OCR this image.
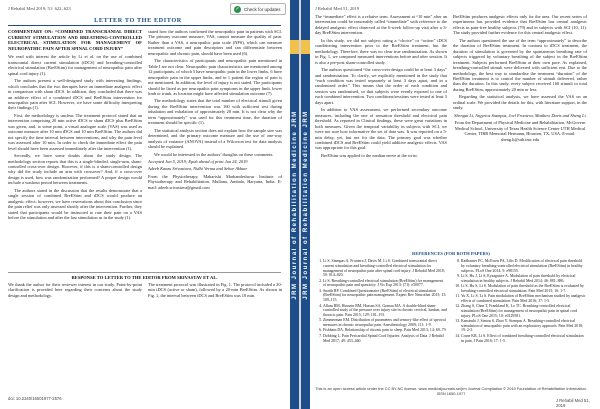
J Rehabil Med 2019; 51: 622–623	✓ Check for updates
LETTER TO THE EDITOR
COMMENTARY ON: “COMBINED TRANSCRANIAL DIRECT CURRENT STIMULATION AND BREATHING-CONTROLLED ELECTRICAL STIMULATION FOR MANAGEMENT OF NEUROPATHIC PAIN AFTER SPINAL CORD INJURY”

We read with interest the article by Li et al. on the use of combined transcranial direct current stimulation (tDCS) and breathing-controlled electrical stimulation (BreEStim) for management of neuropathic pain after spinal cord injury (1).

The authors present a well-designed study with interesting findings, which concludes that the two therapies have an immediate analgesic effect in comparison with sham tDCS. In addition, they concluded that there was an additive effect of a combined tDCS and BreEStim intervention for neuropathic pain after SCI. However, we have some difficulty interpreting their findings (1).

First, the methodology is unclear. The treatment protocol stated that an intervention comprising 20 min active tDCS or sham tDCS plus BreEStim was given, and, to some point, a visual analogue scale (VAS) was used as outcome measure after 10 min tDCS and 10 min BreEStim. The authors did not specify the time interval between interventions, and why the pain level was assessed after 10 min. In order to check the immediate effect the pain level should have been assessed immediately after the intervention (1).

Secondly, we have some doubts about the study design. The methodology section reports that this is a single-blinded, single-arm, sham-controlled cross-over design. However, if this is a sham-controlled design why did the study include an arm with crossover? And, if a cross-over design is used, how was randomization performed? A proper design would include a washout period between treatments.

The authors stated in the discussion that the results demonstrate that a single session of combined BreEStim and tDCS would produce an analgesic effect; however, we have reservations about this conclusion since the pain relief was only assessed shortly after the intervention. Further, they stated that participants would be instructed to rate their pain on a VAS before the stimulation and after the last stimulation as in the study (1).

stated how the authors confirmed the neuropathic pain in patients with SCI. The primary outcome measure, VAS, cannot measure the quality of pain. Rather than a VAS, a neuropathic pain scale (NPS), which can measure treatment outcome and pain descriptors and can differentiate between neuropathic and chronic pain, should have been used (6).

The characteristics of participants and neuropathic pain mentioned in Table I are not clear. Neuropathic pain characteristics are mentioned among 12 participants, of which 5 have neuropathic pain in the lower limbs, 6 have neuropathic pain in the upper limbs, and in 1 patient the region of pain is not mentioned. In addition, the level of injury is not stated. The participants should be listed as per neuropathic pain symptoms in the upper limb, lower limb or trunk, as location might have affected stimulation outcome (7).

The methodology states that the total number of electrical stimuli given during the BreEStim intervention was 160 with sufficient rest during inhalation and exhalation of approximately 20 min. It is not clear why the term “approximately” was used for this treatment time, the duration of treatment should be specific (1).

The statistical analysis section does not explain how the sample size was determined, and the primary outcome measure and the use of one-way analysis of variance (ANOVA) instead of a Wilcoxon test for data analysis should be explained.

We would be interested in the authors’ thoughts on these comments.

Accepted Jun 5, 2019; Epub ahead of print Jun 24, 2019

Adeeb Kanzu Srivastava, Nidhi Verma and Sehar Akhtar

From the Physiotherapy, Maharishi Markandeshwar Institute of Physiotherapy and Rehabilitation, Mullana, Ambala, Haryana, India. E-mail: adeeb.srivastava@gmail.com

RESPONSE TO LETTER TO THE EDITOR FROM SRIVASTAV ET AL.

We thank the author for their reviewer interest in our study. Point-by-point clarification is provided here regarding their concerns about the study design and methodology.

The treatment protocol was illustrated in Fig. 1. The protocol included a 20-min tDCS (active or sham), followed by a 20-min BreEStim. As shown in Fig. 1, the interval between tDCS and BreEStim was 10 min.

doi: 10.2340/16501977-2576
JRM Journal of Rehabilitation Medicine JRM JRM Journal of Rehabilitation Medicine JRM
J Rehabil Med 51, 2019

The “immediate” effect is a relative term. Assessment at “10 min” after an intervention could be reasonably called “immediate” with reference to the delayed analgesic effect observed at the 6-week follow-up visit after a 3-day BreEStim intervention.

In this study, we did not subject rating a “choice” or “action” tDCS conditioning intervention prior to the BreEStim treatment, but the methodology. Therefore, there was no clear true randomisation. As shown in Fig. 1, we compared measured interventions before and after session. It is also a pre-post sham-controlled study.

The authors questioned “the cross-over design could be at least 3 days” and randomisation. To clarify, we explicitly mentioned in the study that “each condition was tested separately at least 3 days apart, and in a randomised order.” This means that the order of each condition and session was randomised, so that subjects were evenly exposed to one of each combined intervention. Two conditions/sessions were tested at least 3 days apart.

In addition to VAS assessment, we performed secondary outcome measures, including the rate of sensation threshold and electrical pain threshold. As reported in Clinical findings, these were great variations in both measures. Given the temporal variability in subjects with SCI, we were not sure how informative the set of data was. It was reported on a 5-min delay, yet, but not for the data. The primary goal was whether combined tDCS and BreEStim could yield additive analgesic effects. VAS was appropriate for this goal.

BreEStim was applied to the median nerve at the wrist.

BreEStim produces analgesic effects only for the area. Our recent series of experiments has provided evidence that BreEStim has central analgesic effects in pain-free healthy subjects (79) and in subjects with SCI (10, 11). The study provided further evidence for this central analgesic effect.

The authors questioned the use of the term “approximately” to describe the duration of BreEStim treatment. In contrast to tDCS treatment, the duration of stimulation is governed by the spontaneous breathing rate of subjects triggered by voluntary breathing of the subject in the BreEStim treatment. Subjects performed BreEStim at their own pace. As explained, breathing-controlled stimuli were delivered with sufficient rest. Due to the methodology, the best way to standardise the treatment “duration” of the BreEStim treatment is to control the number of stimuli delivered, rather than the duration. In this study, every subject received 160 stimuli in total during BreEStim, approximately 20 min or less.

Regarding the statistical analysis, we have assessed the VAS on an ordinal scale. We provided the details for this, with literature support, in the study.

Shengai Li, Argyrios Stampas, Joel Frontera, Matthew Davis and Sheng Li

From the Department of Physical Medicine and Rehabilitation, McGovern Medical School, University of Texas Health Science Center UTH Medical Center, TIRR Memorial Hermann, Houston, TX, USA. E-mail: sheng.li@uth.tmc.edu

REFERENCES (FOR BOTH PAPERS)
1. Li S, Stampas A, Frontera J, Davis M, Li S. Combined transcranial direct current stimulation and breathing-controlled electrical stimulation for management of neuropathic pain after spinal cord injury. J Rehabil Med 2018; 50: 814–820.
2. Li S. Breathing-controlled electrical stimulation (BreEStim) for management of neuropathic pain and spasticity. J Vis Exp 2013; (71): e50077.
3. Snaith RP. Combined Questionnaire (BreEStim) of electrical stimulation (BreEStim) for neuropathic pain management. Expert Rev Neurother 2015; 15: 109–115.
4. Allam RM, Hussein RM, Hassan SA, Gomaa MA. A double-blind sham-controlled study of the pressure over injury site in chronic cervical, lumbar, and thoracic pain. Pain 2015; 129: 181–191.
5. Zimmerman EM. Distribution of parameters and sensory-like effect of spectral measures in chronic neuropathic pain. Anesthesiology 2009; 111: 1-9.
6. Fishbain DA. Relationship of chronic pain to sleep. Pain Med 2013; 14: 69–79.
7. Dobbing L. Pain Pericardial Spinal Cord Injuries: Analysis of Data. J Rehabil Med 2017; 49: 453–460.
8. Radharner PC, McEwen PA, Lilts D. Modification of electrical pain threshold by voluntary breathing-controlled electrical stimulation (BreEStim) in healthy subjects. PLoS One 2014; 9: e98155.
9. Li S, Hu J, Li S, Eyzaguirre A. Modulation of pain threshold by electrical stimulation in healthy subjects. J Rehabil Med 2014; 46: 881–886.
10. Li S, Hu S, Li S. Modulation of pain threshold as the BreEStim is evaluated by breathing-controlled electrical stimulation. Pain Med 2015; 16: 1-7.
11. Yu X, Li S. Li S. Pain modulation of BreEStim mechanism studied by analgesic effects of combined stimulation. Pain Med 2016; 17: 1-5.
12. Zhang S, Chen T, Frankland K, Lo TC. Breathing-controlled electrical stimulation (BreEStim) for management of neuropathic pain in spinal cord injury. PLoS One 2015; 10: e0129581.
13. Kaminski J, Simon S, Zhao Y, Stampas A. Breathing-controlled electrical stimulation of neuropathic pain with an exploratory approach. Pain Med 2018; 19: 2-3.
14. Crane KR, Li S. Effect of combined breathing-controlled electrical stimulation in pain. J Pain 2016; 17: 1-5.
This is an open access article under the CC BY-NC license. www.medicaljournals.se/jrm Journal Compilation © 2019 Foundation of Rehabilitation Information. ISSN 1650-1977
J Rehabil Med 51, 2019
